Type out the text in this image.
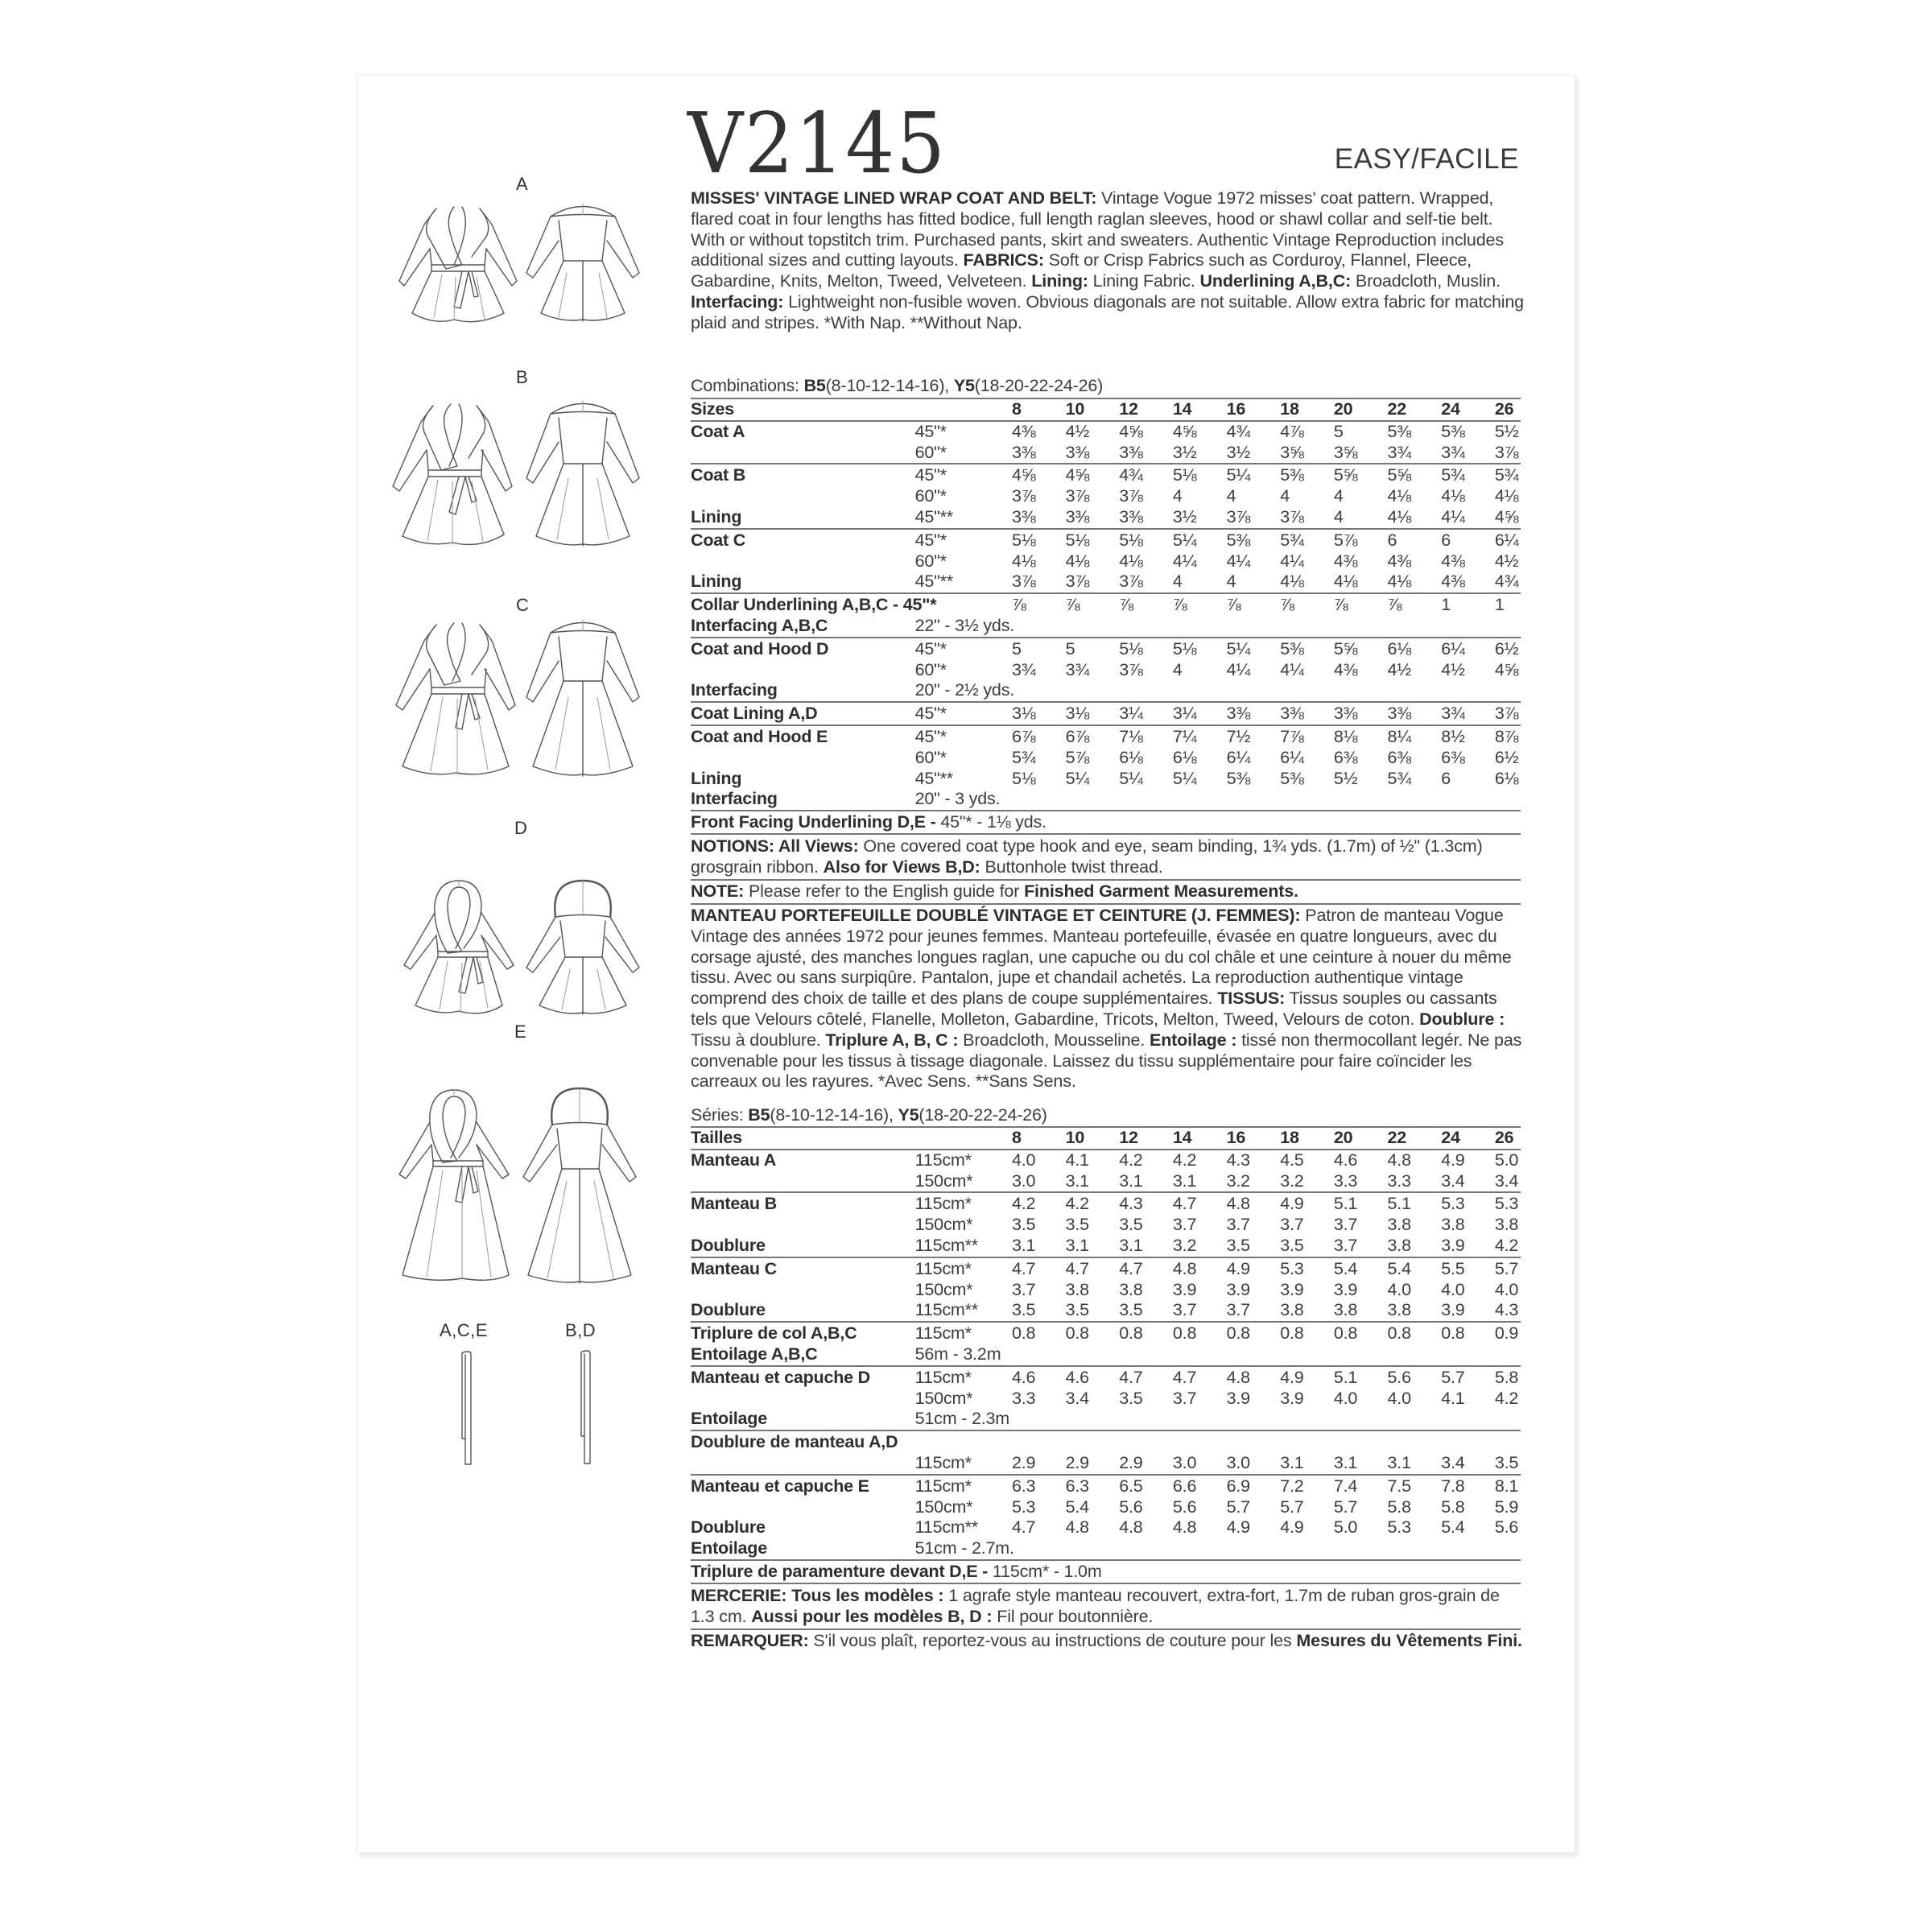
A
B
C
D
E
A,C,E	B,D
V2145	EASY/FACILE
MISSES' VINTAGE LINED WRAP COAT AND BELT: Vintage Vogue 1972 misses' coat pattern. Wrapped, flared coat in four lengths has fitted bodice, full length raglan sleeves, hood or shawl collar and self-tie belt. With or without topstitch trim. Purchased pants, skirt and sweaters. Authentic Vintage Reproduction includes additional sizes and cutting layouts. FABRICS: Soft or Crisp Fabrics such as Corduroy, Flannel, Fleece, Gabardine, Knits, Melton, Tweed, Velveteen. Lining: Lining Fabric. Underlining A,B,C: Broadcloth, Muslin. Interfacing: Lightweight non-fusible woven. Obvious diagonals are not suitable. Allow extra fabric for matching plaid and stripes. *With Nap. **Without Nap.
Combinations: B5(8-10-12-14-16), Y5(18-20-22-24-26)
Sizes		8	10	12	14	16	18	20	22	24	26
Coat A	45"*	4⅜	4½	4⅝	4⅝	4¾	4⅞	5	5⅜	5⅜	5½
	60"*	3⅜	3⅜	3⅜	3½	3½	3⅝	3⅝	3¾	3¾	3⅞
Coat B	45"*	4⅝	4⅝	4¾	5⅛	5¼	5⅜	5⅝	5⅝	5¾	5¾
	60"*	3⅞	3⅞	3⅞	4	4	4	4	4⅛	4⅛	4⅛
Lining	45"**	3⅜	3⅜	3⅜	3½	3⅞	3⅞	4	4⅛	4¼	4⅝
Coat C	45"*	5⅛	5⅛	5⅛	5¼	5⅜	5¾	5⅞	6	6	6¼
	60"*	4⅛	4⅛	4⅛	4¼	4¼	4¼	4⅜	4⅜	4⅜	4½
Lining	45"**	3⅞	3⅞	3⅞	4	4	4⅛	4⅛	4⅛	4⅜	4¾
Collar Underlining A,B,C - 45"*		⅞	⅞	⅞	⅞	⅞	⅞	⅞	⅞	1	1
Interfacing A,B,C	22" - 3½ yds.										
Coat and Hood D	45"*	5	5	5⅛	5⅛	5¼	5⅜	5⅝	6⅛	6¼	6½
	60"*	3¾	3¾	3⅞	4	4¼	4¼	4⅜	4½	4½	4⅝
Interfacing	20" - 2½ yds.										
Coat Lining A,D	45"*	3⅛	3⅛	3¼	3¼	3⅜	3⅜	3⅜	3⅜	3¾	3⅞
Coat and Hood E	45"*	6⅞	6⅞	7⅛	7¼	7½	7⅞	8⅛	8¼	8½	8⅞
	60"*	5¾	5⅞	6⅛	6⅛	6¼	6¼	6⅜	6⅜	6⅜	6½
Lining	45"**	5⅛	5¼	5¼	5¼	5⅜	5⅜	5½	5¾	6	6⅛
Interfacing	20" - 3 yds.										
Front Facing Underlining D,E - 45"* - 1⅛ yds.											
NOTIONS: All Views: One covered coat type hook and eye, seam binding, 1¾ yds. (1.7m) of ½" (1.3cm) grosgrain ribbon. Also for Views B,D: Buttonhole twist thread.
NOTE: Please refer to the English guide for Finished Garment Measurements.
MANTEAU PORTEFEUILLE DOUBLÉ VINTAGE ET CEINTURE (J. FEMMES): Patron de manteau Vogue Vintage des années 1972 pour jeunes femmes. Manteau portefeuille, évasée en quatre longueurs, avec du corsage ajusté, des manches longues raglan, une capuche ou du col châle et une ceinture à nouer du même tissu. Avec ou sans surpiqûre. Pantalon, jupe et chandail achetés. La reproduction authentique vintage comprend des choix de taille et des plans de coupe supplémentaires. TISSUS: Tissus souples ou cassants tels que Velours côtelé, Flanelle, Molleton, Gabardine, Tricots, Melton, Tweed, Velours de coton. Doublure : Tissu à doublure. Triplure A, B, C : Broadcloth, Mousseline. Entoilage : tissé non thermocollant legér. Ne pas convenable pour les tissus à tissage diagonale. Laissez du tissu supplémentaire pour faire coïncider les carreaux ou les rayures. *Avec Sens. **Sans Sens.
Séries: B5(8-10-12-14-16), Y5(18-20-22-24-26)
Tailles		8	10	12	14	16	18	20	22	24	26
Manteau A	115cm*	4.0	4.1	4.2	4.2	4.3	4.5	4.6	4.8	4.9	5.0
	150cm*	3.0	3.1	3.1	3.1	3.2	3.2	3.3	3.3	3.4	3.4
Manteau B	115cm*	4.2	4.2	4.3	4.7	4.8	4.9	5.1	5.1	5.3	5.3
	150cm*	3.5	3.5	3.5	3.7	3.7	3.7	3.7	3.8	3.8	3.8
Doublure	115cm**	3.1	3.1	3.1	3.2	3.5	3.5	3.7	3.8	3.9	4.2
Manteau C	115cm*	4.7	4.7	4.7	4.8	4.9	5.3	5.4	5.4	5.5	5.7
	150cm*	3.7	3.8	3.8	3.9	3.9	3.9	3.9	4.0	4.0	4.0
Doublure	115cm**	3.5	3.5	3.5	3.7	3.7	3.8	3.8	3.8	3.9	4.3
Triplure de col A,B,C	115cm*	0.8	0.8	0.8	0.8	0.8	0.8	0.8	0.8	0.8	0.9
Entoilage A,B,C	56m - 3.2m										
Manteau et capuche D	115cm*	4.6	4.6	4.7	4.7	4.8	4.9	5.1	5.6	5.7	5.8
	150cm*	3.3	3.4	3.5	3.7	3.9	3.9	4.0	4.0	4.1	4.2
Entoilage	51cm - 2.3m										
Doublure de manteau A,D											
	115cm*	2.9	2.9	2.9	3.0	3.0	3.1	3.1	3.1	3.4	3.5
Manteau et capuche E	115cm*	6.3	6.3	6.5	6.6	6.9	7.2	7.4	7.5	7.8	8.1
	150cm*	5.3	5.4	5.6	5.6	5.7	5.7	5.7	5.8	5.8	5.9
Doublure	115cm**	4.7	4.8	4.8	4.8	4.9	4.9	5.0	5.3	5.4	5.6
Entoilage	51cm - 2.7m.										
Triplure de paramenture devant D,E - 115cm* - 1.0m											
MERCERIE: Tous les modèles : 1 agrafe style manteau recouvert, extra-fort, 1.7m de ruban gros-grain de 1.3 cm. Aussi pour les modèles B, D : Fil pour boutonnière.
REMARQUER: S'il vous plaît, reportez-vous au instructions de couture pour les Mesures du Vêtements Fini.
